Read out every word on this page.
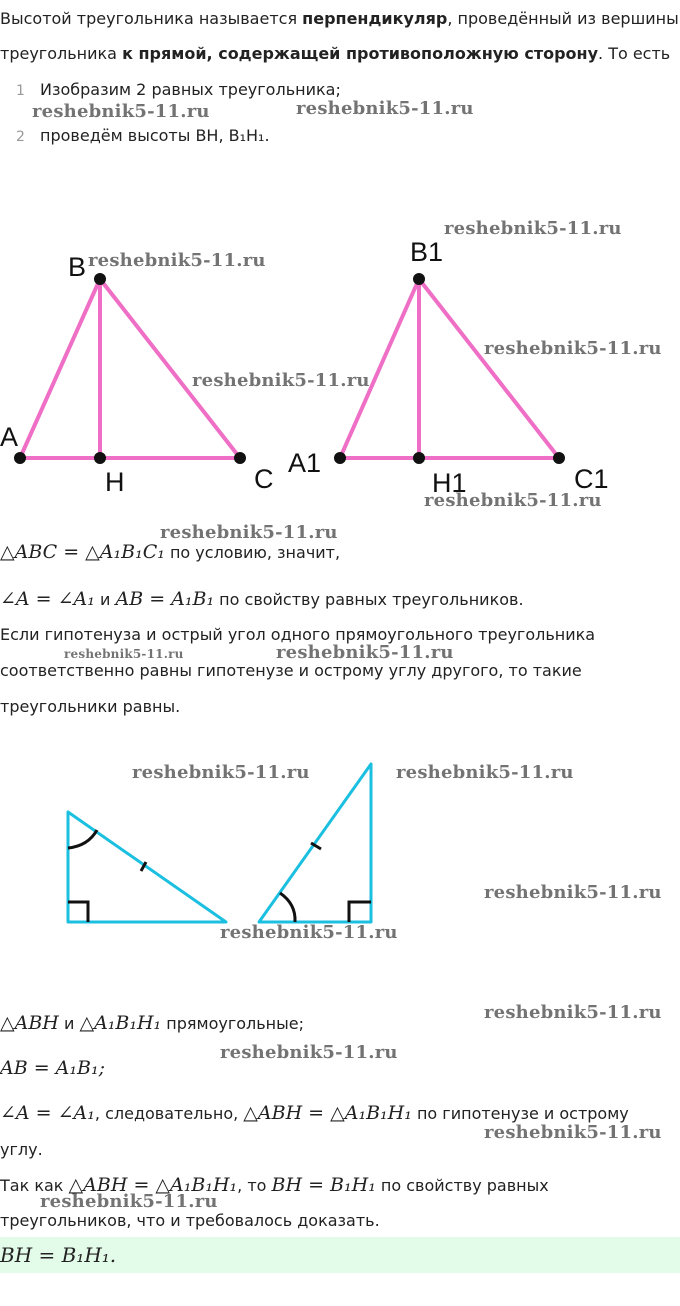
Высотой треугольника называется перпендикуляр, проведённый из вершины
треугольника к прямой, содержащей противоположную сторону. То есть
1 Изобразим 2 равных треугольника;
2 проведём высоты BH, B₁H₁.
B
A
H	C
B1
A1
H1	C1
△ABC = △A₁B₁C₁ по условию, значит,
∠A = ∠A₁ и AB = A₁B₁ по свойству равных треугольников.
Если гипотенуза и острый угол одного прямоугольного треугольника
соответственно равны гипотенузе и острому углу другого, то такие
треугольники равны.
△ABH и △A₁B₁H₁ прямоугольные;
AB = A₁B₁;
∠A = ∠A₁, следовательно, △ABH = △A₁B₁H₁ по гипотенузе и острому
углу.
Так как △ABH = △A₁B₁H₁, то BH = B₁H₁ по свойству равных
треугольников, что и требовалось доказать.
BH = B₁H₁.
reshebnik5-11.ru	reshebnik5-11.ru
reshebnik5-11.ru
reshebnik5-11.ru
reshebnik5-11.ru
reshebnik5-11.ru
reshebnik5-11.ru
reshebnik5-11.ru
reshebnik5-11.ru	reshebnik5-11.ru
reshebnik5-11.ru	reshebnik5-11.ru
reshebnik5-11.ru
reshebnik5-11.ru
reshebnik5-11.ru
reshebnik5-11.ru
reshebnik5-11.ru
reshebnik5-11.ru
